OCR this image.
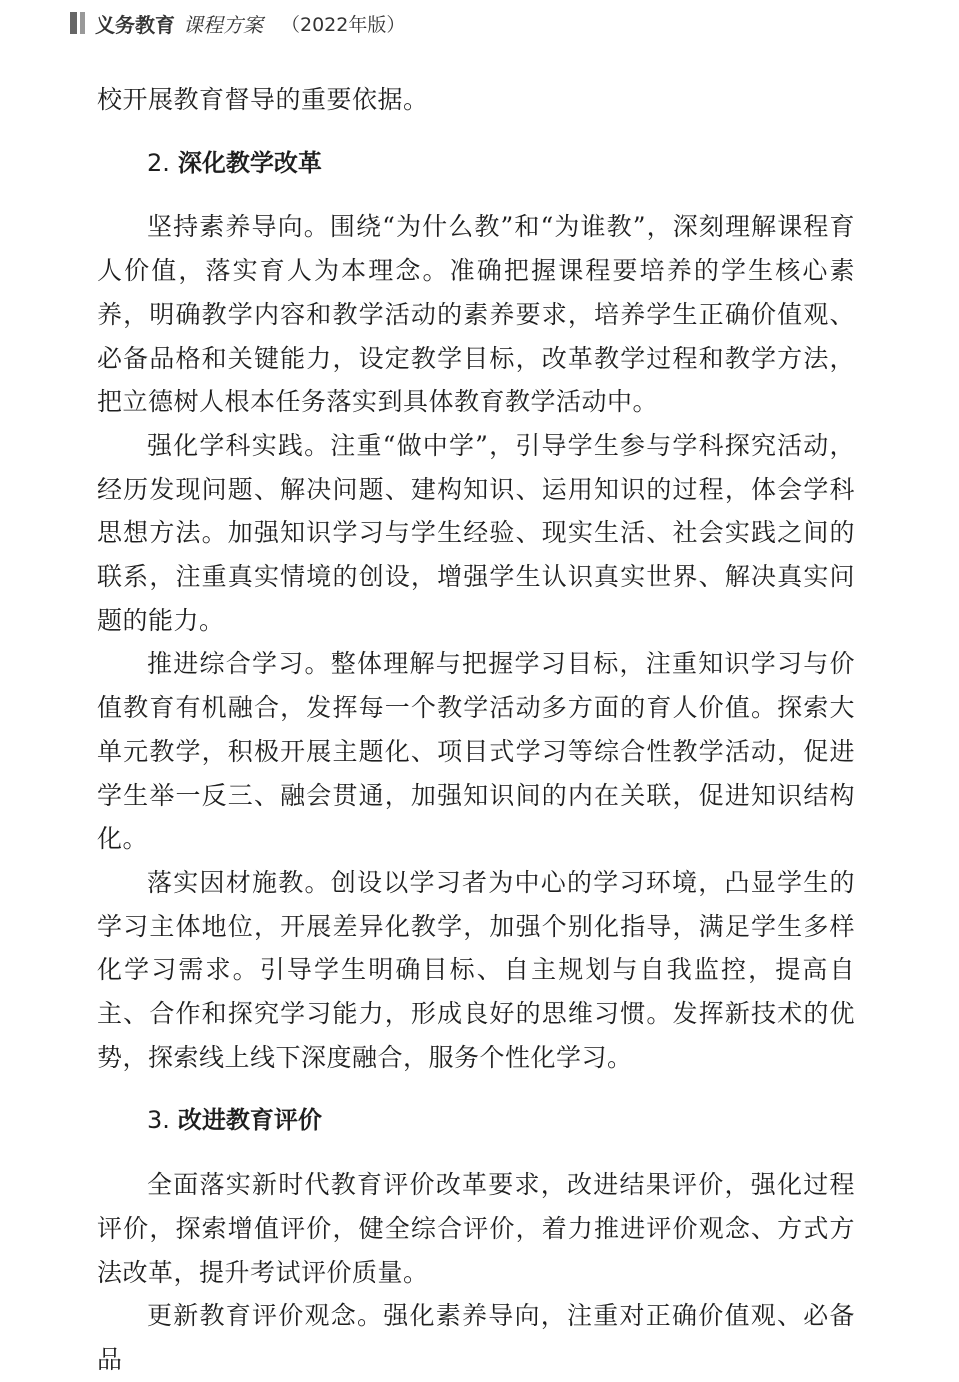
义务教育 课程方案 （2022年版）

校开展教育督导的重要依据。

2. 深化教学改革

坚持素养导向。围绕“为什么教”和“为谁教”，深刻理解课程育人价值，落实育人为本理念。准确把握课程要培养的学生核心素养，明确教学内容和教学活动的素养要求，培养学生正确价值观、必备品格和关键能力，设定教学目标，改革教学过程和教学方法，把立德树人根本任务落实到具体教育教学活动中。

强化学科实践。注重“做中学”，引导学生参与学科探究活动，经历发现问题、解决问题、建构知识、运用知识的过程，体会学科思想方法。加强知识学习与学生经验、现实生活、社会实践之间的联系，注重真实情境的创设，增强学生认识真实世界、解决真实问题的能力。

推进综合学习。整体理解与把握学习目标，注重知识学习与价值教育有机融合，发挥每一个教学活动多方面的育人价值。探索大单元教学，积极开展主题化、项目式学习等综合性教学活动，促进学生举一反三、融会贯通，加强知识间的内在关联，促进知识结构化。

落实因材施教。创设以学习者为中心的学习环境，凸显学生的学习主体地位，开展差异化教学，加强个别化指导，满足学生多样化学习需求。引导学生明确目标、自主规划与自我监控，提高自主、合作和探究学习能力，形成良好的思维习惯。发挥新技术的优势，探索线上线下深度融合，服务个性化学习。

3. 改进教育评价

全面落实新时代教育评价改革要求，改进结果评价，强化过程评价，探索增值评价，健全综合评价，着力推进评价观念、方式方法改革，提升考试评价质量。

更新教育评价观念。强化素养导向，注重对正确价值观、必备品
